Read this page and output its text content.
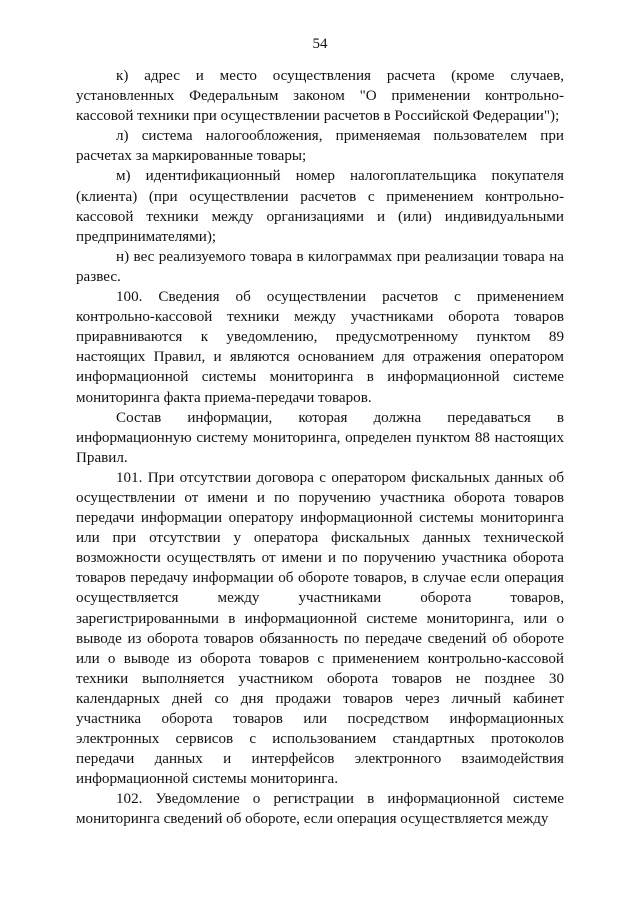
54

к) адрес и место осуществления расчета (кроме случаев, установленных Федеральным законом "О применении контрольно-кассовой техники при осуществлении расчетов в Российской Федерации");

л) система налогообложения, применяемая пользователем при расчетах за маркированные товары;

м) идентификационный номер налогоплательщика покупателя (клиента) (при осуществлении расчетов с применением контрольно-кассовой техники между организациями и (или) индивидуальными предпринимателями);

н) вес реализуемого товара в килограммах при реализации товара на развес.

100. Сведения об осуществлении расчетов с применением контрольно-кассовой техники между участниками оборота товаров приравниваются к уведомлению, предусмотренному пунктом 89 настоящих Правил, и являются основанием для отражения оператором информационной системы мониторинга в информационной системе мониторинга факта приема-передачи товаров.

Состав информации, которая должна передаваться в информационную систему мониторинга, определен пунктом 88 настоящих Правил.

101. При отсутствии договора с оператором фискальных данных об осуществлении от имени и по поручению участника оборота товаров передачи информации оператору информационной системы мониторинга или при отсутствии у оператора фискальных данных технической возможности осуществлять от имени и по поручению участника оборота товаров передачу информации об обороте товаров, в случае если операция осуществляется между участниками оборота товаров, зарегистрированными в информационной системе мониторинга, или о выводе из оборота товаров обязанность по передаче сведений об обороте или о выводе из оборота товаров с применением контрольно-кассовой техники выполняется участником оборота товаров не позднее 30 календарных дней со дня продажи товаров через личный кабинет участника оборота товаров или посредством информационных электронных сервисов с использованием стандартных протоколов передачи данных и интерфейсов электронного взаимодействия информационной системы мониторинга.

102. Уведомление о регистрации в информационной системе мониторинга сведений об обороте, если операция осуществляется между
